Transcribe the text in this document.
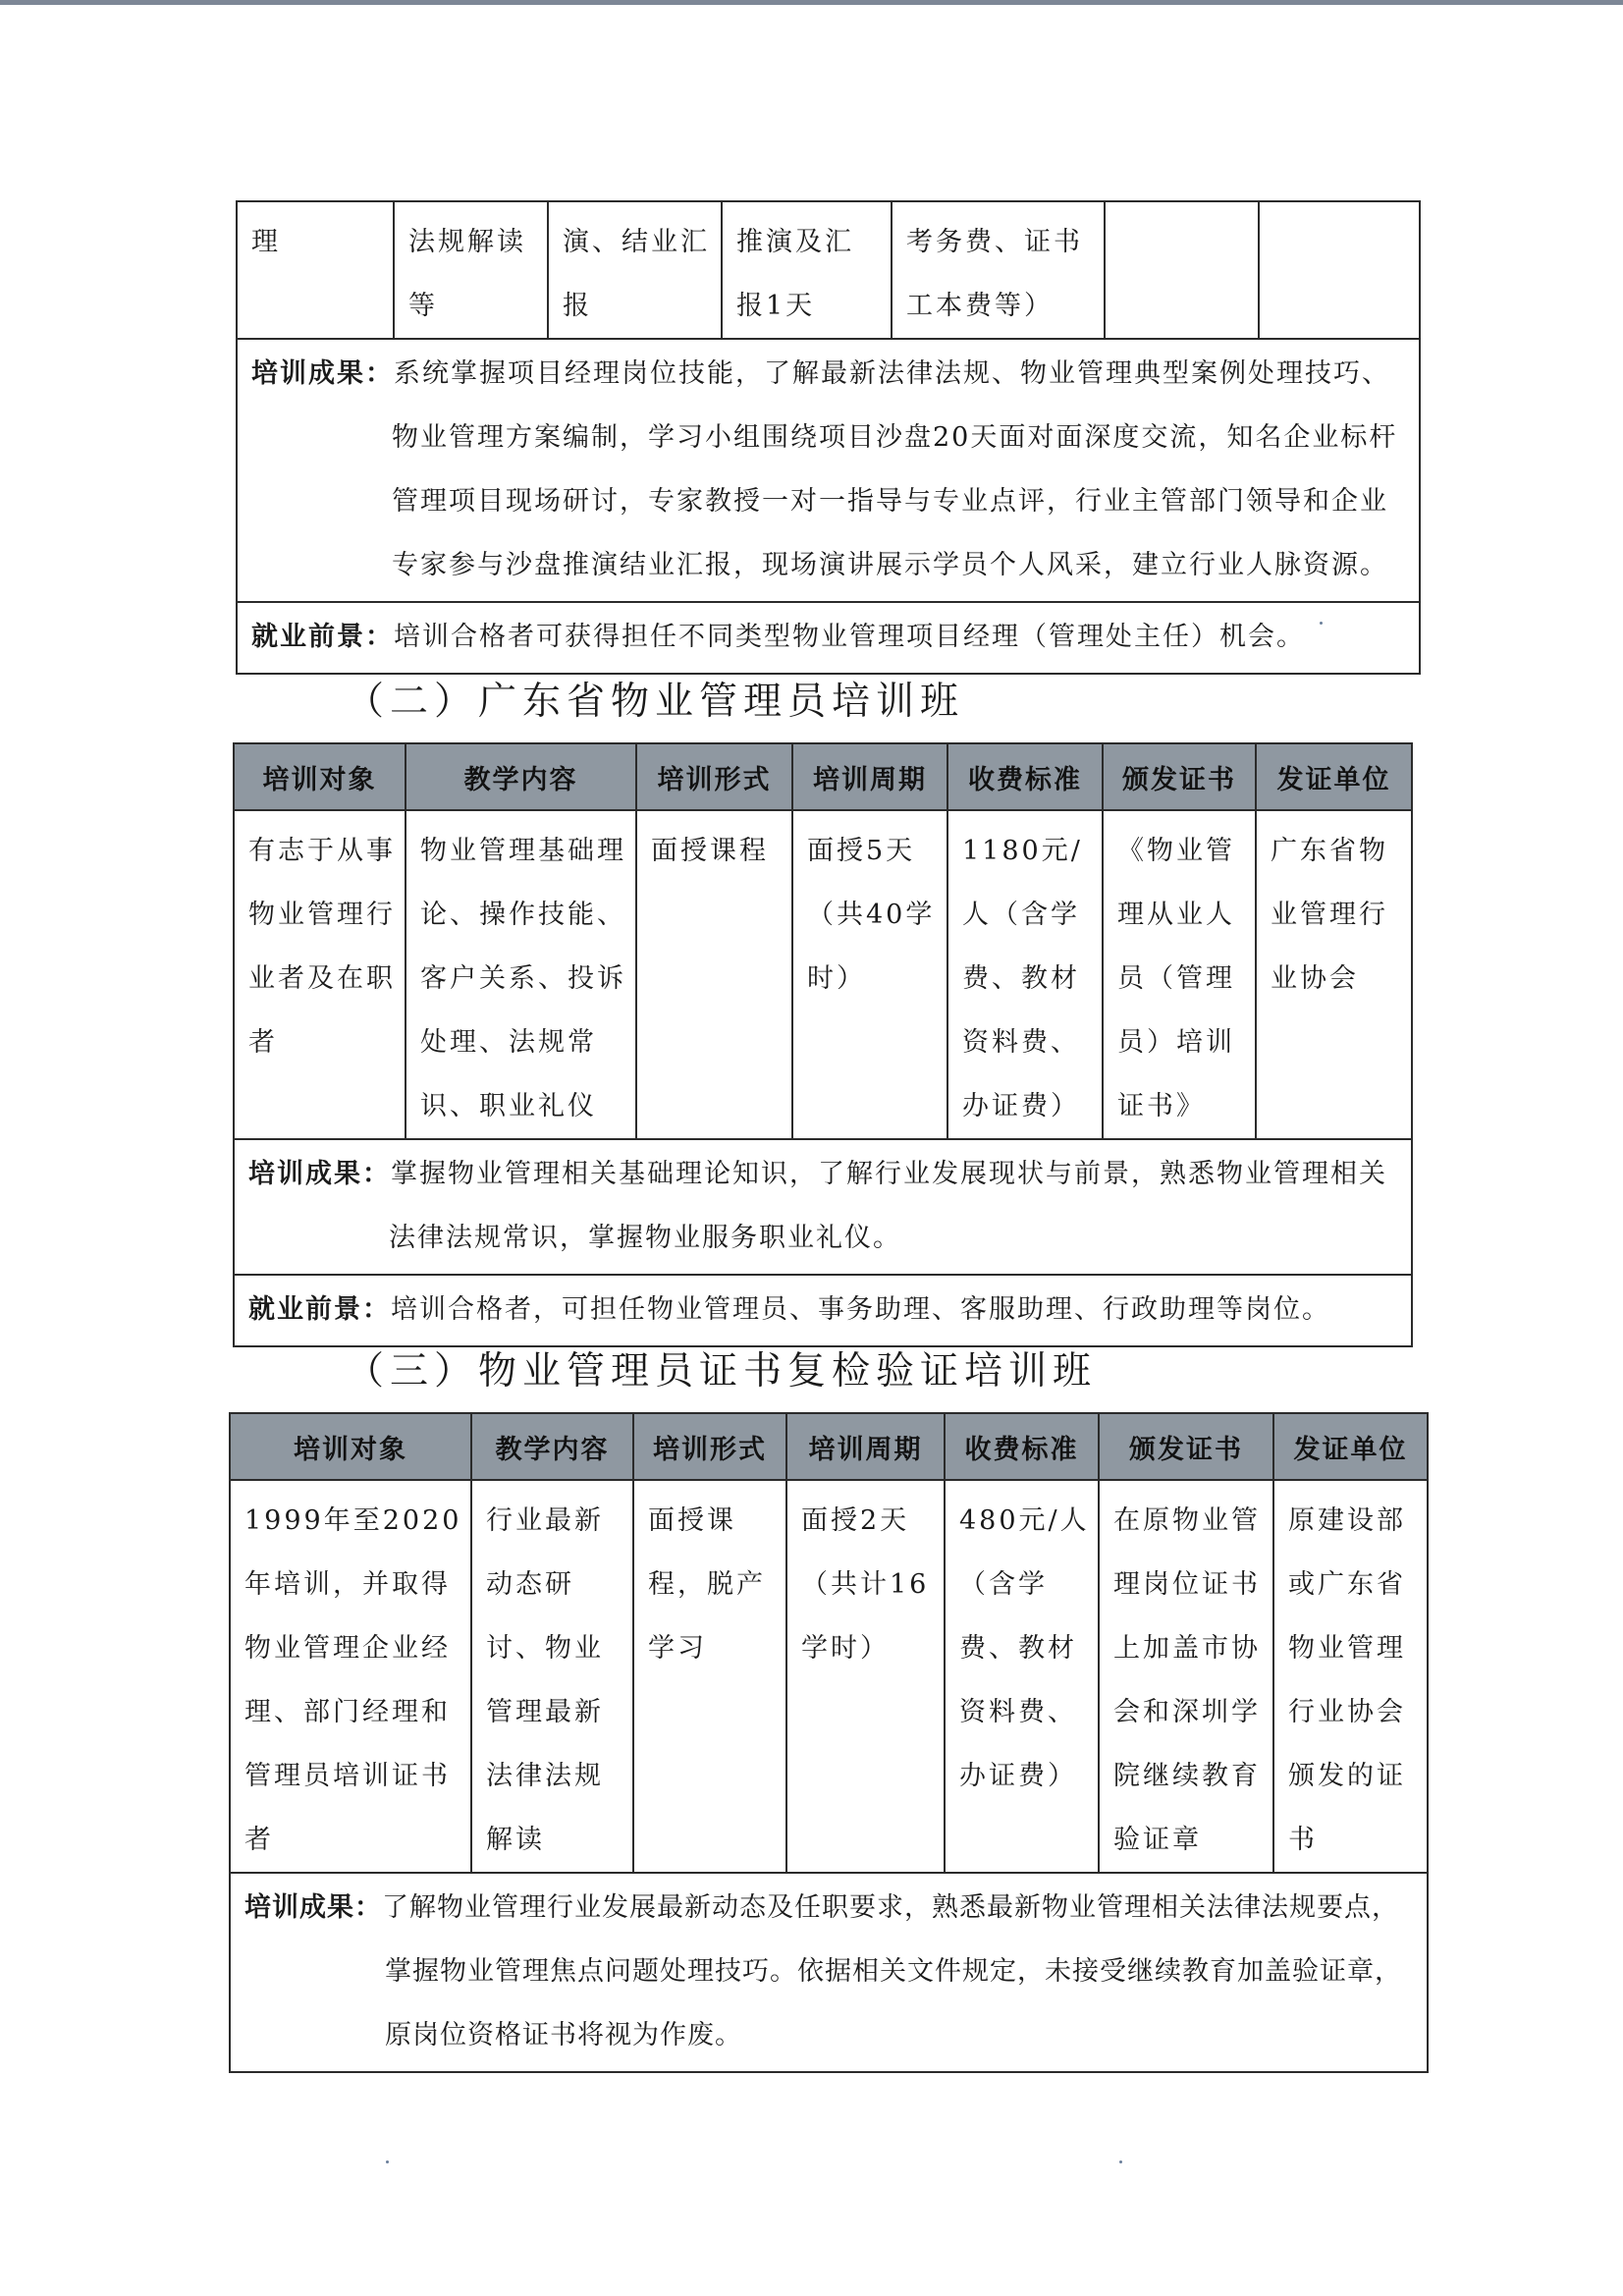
理	法规解读等	演、结业汇报	推演及汇报1天	考务费、证书工本费等）		
培训成果：系统掌握项目经理岗位技能，了解最新法律法规、物业管理典型案例处理技巧、
物业管理方案编制，学习小组围绕项目沙盘20天面对面深度交流，知名企业标杆
管理项目现场研讨，专家教授一对一指导与专业点评，行业主管部门领导和企业
专家参与沙盘推演结业汇报，现场演讲展示学员个人风采，建立行业人脉资源。

就业前景：培训合格者可获得担任不同类型物业管理项目经理（管理处主任）机会。
（二）广东省物业管理员培训班
培训对象	教学内容	培训形式	培训周期	收费标准	颁发证书	发证单位
有志于从事物业管理行业者及在职者	物业管理基础理论、操作技能、客户关系、投诉处理、法规常识、职业礼仪	面授课程	面授5天（共40学时）	1180元/人（含学费、教材资料费、办证费）	《物业管理从业人员（管理员）培训证书》	广东省物业管理行业协会
培训成果：掌握物业管理相关基础理论知识，了解行业发展现状与前景，熟悉物业管理相关
法律法规常识，掌握物业服务职业礼仪。						

就业前景：培训合格者，可担任物业管理员、事务助理、客服助理、行政助理等岗位。						
（三）物业管理员证书复检验证培训班
培训对象	教学内容	培训形式	培训周期	收费标准	颁发证书	发证单位
1999年至2020年培训，并取得物业管理企业经理、部门经理和管理员培训证书者	行业最新动态研讨、物业管理最新法律法规解读	面授课程，脱产学习	面授2天（共计16学时）	480元/人（含学费、教材资料费、办证费）	在原物业管理岗位证书上加盖市协会和深圳学院继续教育验证章	原建设部或广东省物业管理行业协会颁发的证书
培训成果：了解物业管理行业发展最新动态及任职要求，熟悉最新物业管理相关法律法规要点，
掌握物业管理焦点问题处理技巧。依据相关文件规定，未接受继续教育加盖验证章，
原岗位资格证书将视为作废。						
